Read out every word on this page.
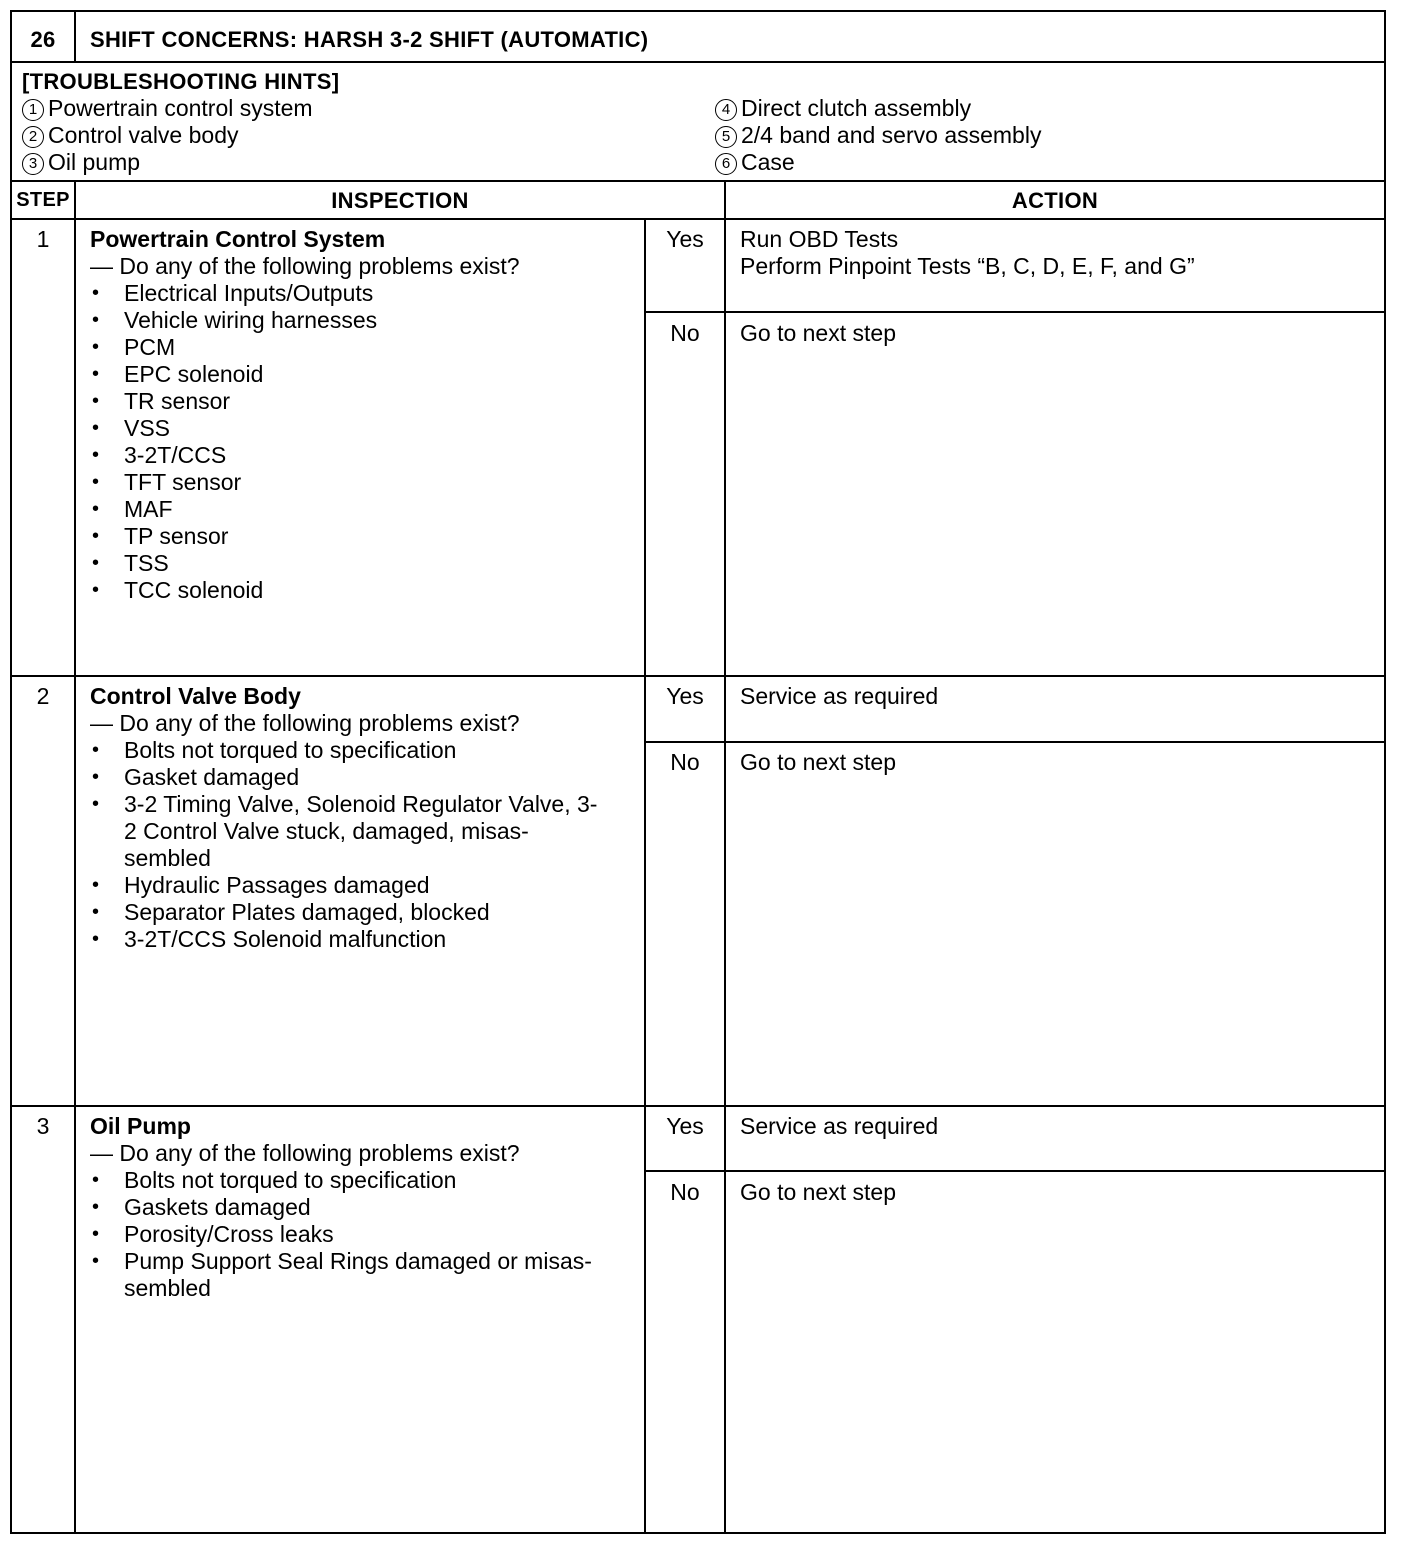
26	SHIFT CONCERNS: HARSH 3-2 SHIFT (AUTOMATIC)
[TROUBLESHOOTING HINTS]
1 Powertrain control system
2 Control valve body
3 Oil pump
4 Direct clutch assembly
5 2/4 band and servo assembly
6 Case
STEP	INSPECTION	ACTION
1	Powertrain Control System
— Do any of the following problems exist?
• Electrical Inputs/Outputs
• Vehicle wiring harnesses
• PCM
• EPC solenoid
• TR sensor
• VSS
• 3-2T/CCS
• TFT sensor
• MAF
• TP sensor
• TSS
• TCC solenoid
Yes	Run OBD Tests
Perform Pinpoint Tests “B, C, D, E, F, and G”
No	Go to next step
2	Control Valve Body
— Do any of the following problems exist?
• Bolts not torqued to specification
• Gasket damaged
• 3-2 Timing Valve, Solenoid Regulator Valve, 3-2 Control Valve stuck, damaged, misas-sembled
• Hydraulic Passages damaged
• Separator Plates damaged, blocked
• 3-2T/CCS Solenoid malfunction
Yes	Service as required
No	Go to next step
3	Oil Pump
— Do any of the following problems exist?
• Bolts not torqued to specification
• Gaskets damaged
• Porosity/Cross leaks
• Pump Support Seal Rings damaged or misas-sembled
Yes	Service as required
No	Go to next step
